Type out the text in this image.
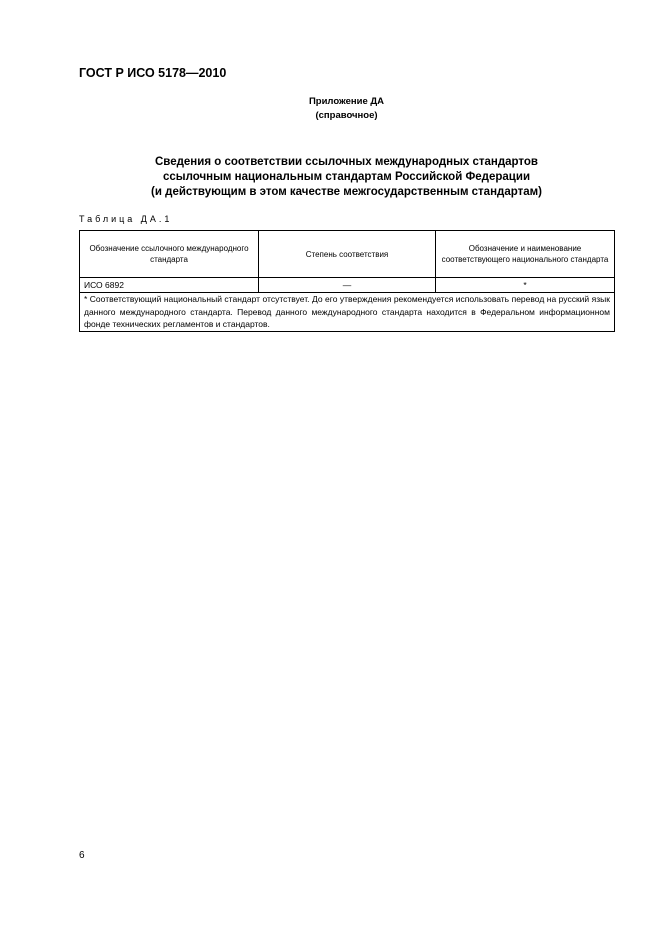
ГОСТ Р ИСО 5178—2010

Приложение ДА
(справочное)
Сведения о соответствии ссылочных международных стандартов
ссылочным национальным стандартам Российской Федерации
(и действующим в этом качестве межгосударственным стандартам)
Таблица ДА.1
Обозначение ссылочного международного стандарта	Степень соответствия	Обозначение и наименование соответствующего национального стандарта
ИСО 6892	—	*
* Соответствующий национальный стандарт отсутствует. До его утверждения рекомендуется использовать перевод на русский язык данного международного стандарта. Перевод данного международного стандарта находится в Федеральном информационном фонде технических регламентов и стандартов.		

6
